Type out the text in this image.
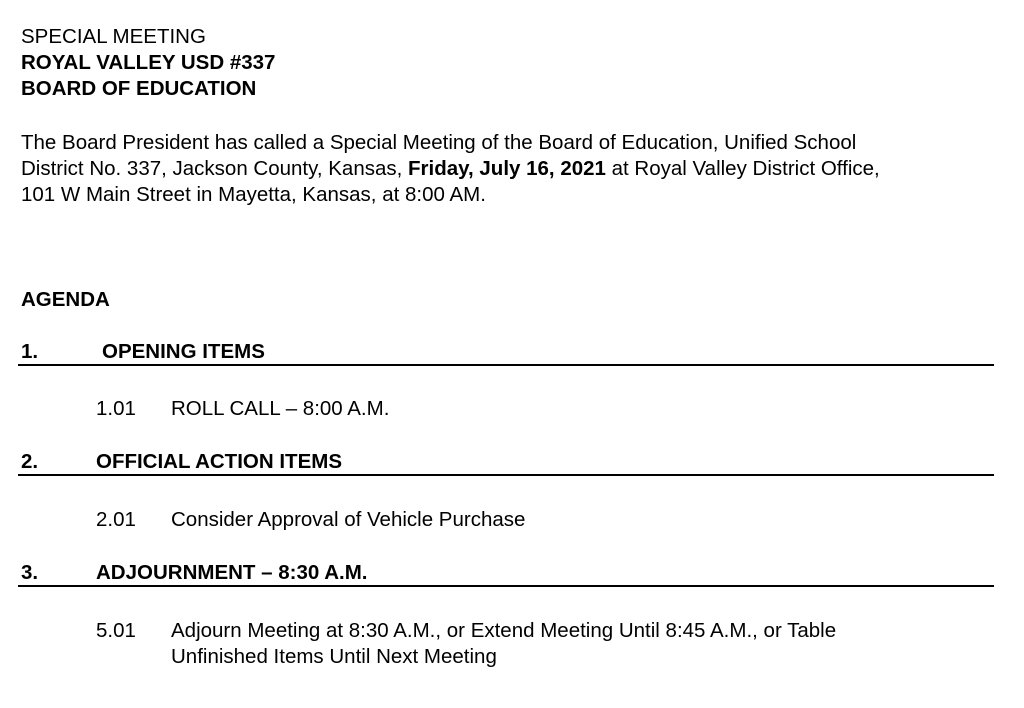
SPECIAL MEETING
ROYAL VALLEY USD #337
BOARD OF EDUCATION
The Board President has called a Special Meeting of the Board of Education, Unified School
District No. 337, Jackson County, Kansas, Friday, July 16, 2021 at Royal Valley District Office,
101 W Main Street in Mayetta, Kansas, at 8:00 AM.
AGENDA
1.	OPENING ITEMS
1.01 ROLL CALL – 8:00 A.M.
2.	OFFICIAL ACTION ITEMS
2.01 Consider Approval of Vehicle Purchase
3.	ADJOURNMENT – 8:30 A.M.
5.01 Adjourn Meeting at 8:30 A.M., or Extend Meeting Until 8:45 A.M., or Table
Unfinished Items Until Next Meeting
